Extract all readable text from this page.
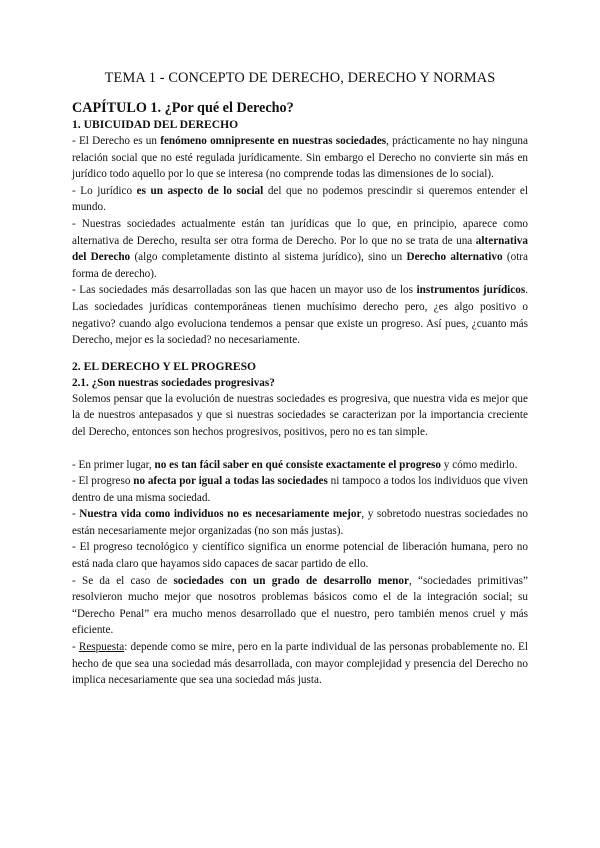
TEMA 1 - CONCEPTO DE DERECHO, DERECHO Y NORMAS
CAPÍTULO 1. ¿Por qué el Derecho?
1. UBICUIDAD DEL DERECHO

- El Derecho es un fenómeno omnipresente en nuestras sociedades, prácticamente no hay ninguna relación social que no esté regulada jurídicamente. Sin embargo el Derecho no convierte sin más en jurídico todo aquello por lo que se interesa (no comprende todas las dimensiones de lo social).

- Lo jurídico es un aspecto de lo social del que no podemos prescindir si queremos entender el mundo.

- Nuestras sociedades actualmente están tan jurídicas que lo que, en principio, aparece como alternativa de Derecho, resulta ser otra forma de Derecho. Por lo que no se trata de una alternativa del Derecho (algo completamente distinto al sistema jurídico), sino un Derecho alternativo (otra forma de derecho).

- Las sociedades más desarrolladas son las que hacen un mayor uso de los instrumentos jurídicos. Las sociedades jurídicas contemporáneas tienen muchísimo derecho pero, ¿es algo positivo o negativo? cuando algo evoluciona tendemos a pensar que existe un progreso. Así pues, ¿cuanto más Derecho, mejor es la sociedad? no necesariamente.

2. EL DERECHO Y EL PROGRESO
2.1. ¿Son nuestras sociedades progresivas?

Solemos pensar que la evolución de nuestras sociedades es progresiva, que nuestra vida es mejor que la de nuestros antepasados y que si nuestras sociedades se caracterizan por la importancia creciente del Derecho, entonces son hechos progresivos, positivos, pero no es tan simple.

- En primer lugar, no es tan fácil saber en qué consiste exactamente el progreso y cómo medirlo.

- El progreso no afecta por igual a todas las sociedades ni tampoco a todos los individuos que viven dentro de una misma sociedad.

- Nuestra vida como individuos no es necesariamente mejor, y sobretodo nuestras sociedades no están necesariamente mejor organizadas (no son más justas).

- El progreso tecnológico y científico significa un enorme potencial de liberación humana, pero no está nada claro que hayamos sido capaces de sacar partido de ello.

- Se da el caso de sociedades con un grado de desarrollo menor, “sociedades primitivas” resolvieron mucho mejor que nosotros problemas básicos como el de la integración social; su “Derecho Penal” era mucho menos desarrollado que el nuestro, pero también menos cruel y más eficiente.

- Respuesta: depende como se mire, pero en la parte individual de las personas probablemente no. El hecho de que sea una sociedad más desarrollada, con mayor complejidad y presencia del Derecho no implica necesariamente que sea una sociedad más justa.
